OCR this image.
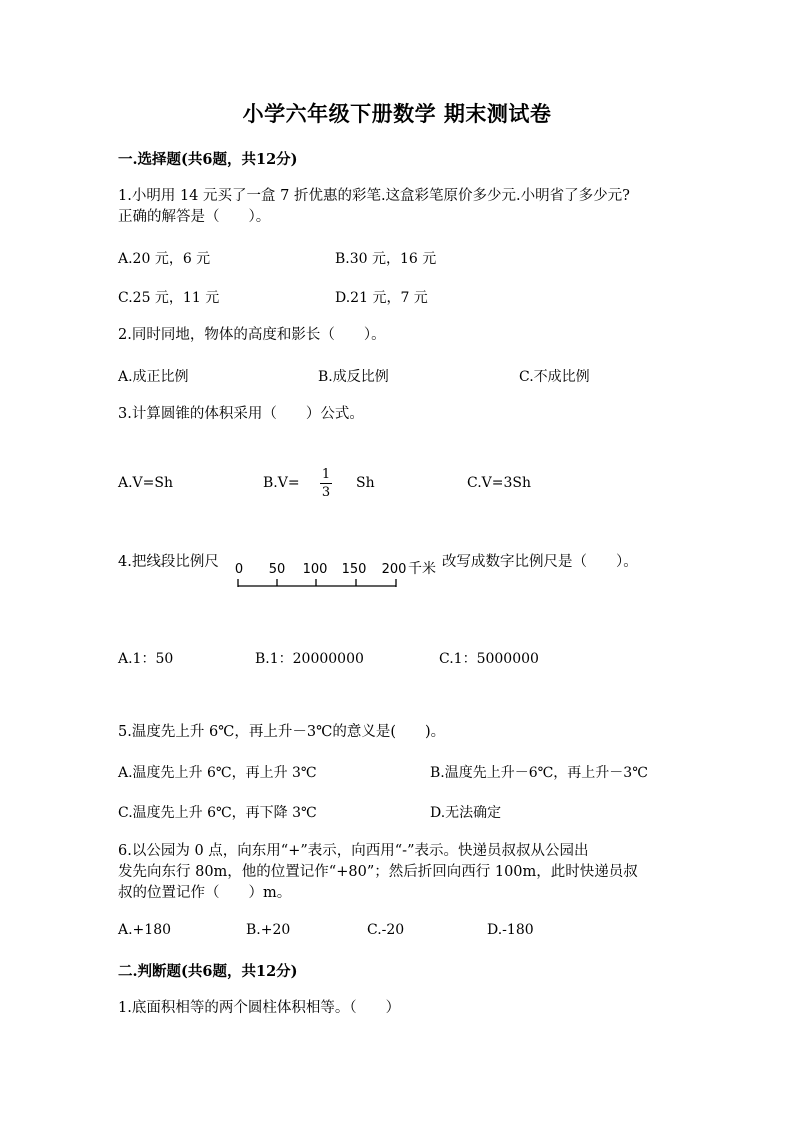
小学六年级下册数学 期末测试卷
一.选择题(共6题，共12分)
1.小明用 14 元买了一盒 7 折优惠的彩笔.这盒彩笔原价多少元.小明省了多少元?
正确的解答是（　　）。
A.20 元，6 元	B.30 元，16 元
C.25 元，11 元	D.21 元，7 元
2.同时同地，物体的高度和影长（　　）。
A.成正比例	B.成反比例	C.不成比例
3.计算圆锥的体积采用（　　）公式。
A.V=Sh	B.V=
1
3
Sh	C.V=3Sh
4.把线段比例尺 0 50 100 150 200 千米 改写成数字比例尺是（　　）。
A.1：50	B.1：20000000	C.1：5000000
5.温度先上升 6℃，再上升－3℃的意义是(　　)。
A.温度先上升 6℃，再上升 3℃	B.温度先上升－6℃，再上升－3℃
C.温度先上升 6℃，再下降 3℃	D.无法确定
6.以公园为 0 点，向东用“+”表示，向西用“-”表示。快递员叔叔从公园出
发先向东行 80m，他的位置记作“+80”；然后折回向西行 100m，此时快递员叔
叔的位置记作（　　）m。
A.+180	B.+20	C.-20	D.-180
二.判断题(共6题，共12分)
1.底面积相等的两个圆柱体积相等。（　　）
